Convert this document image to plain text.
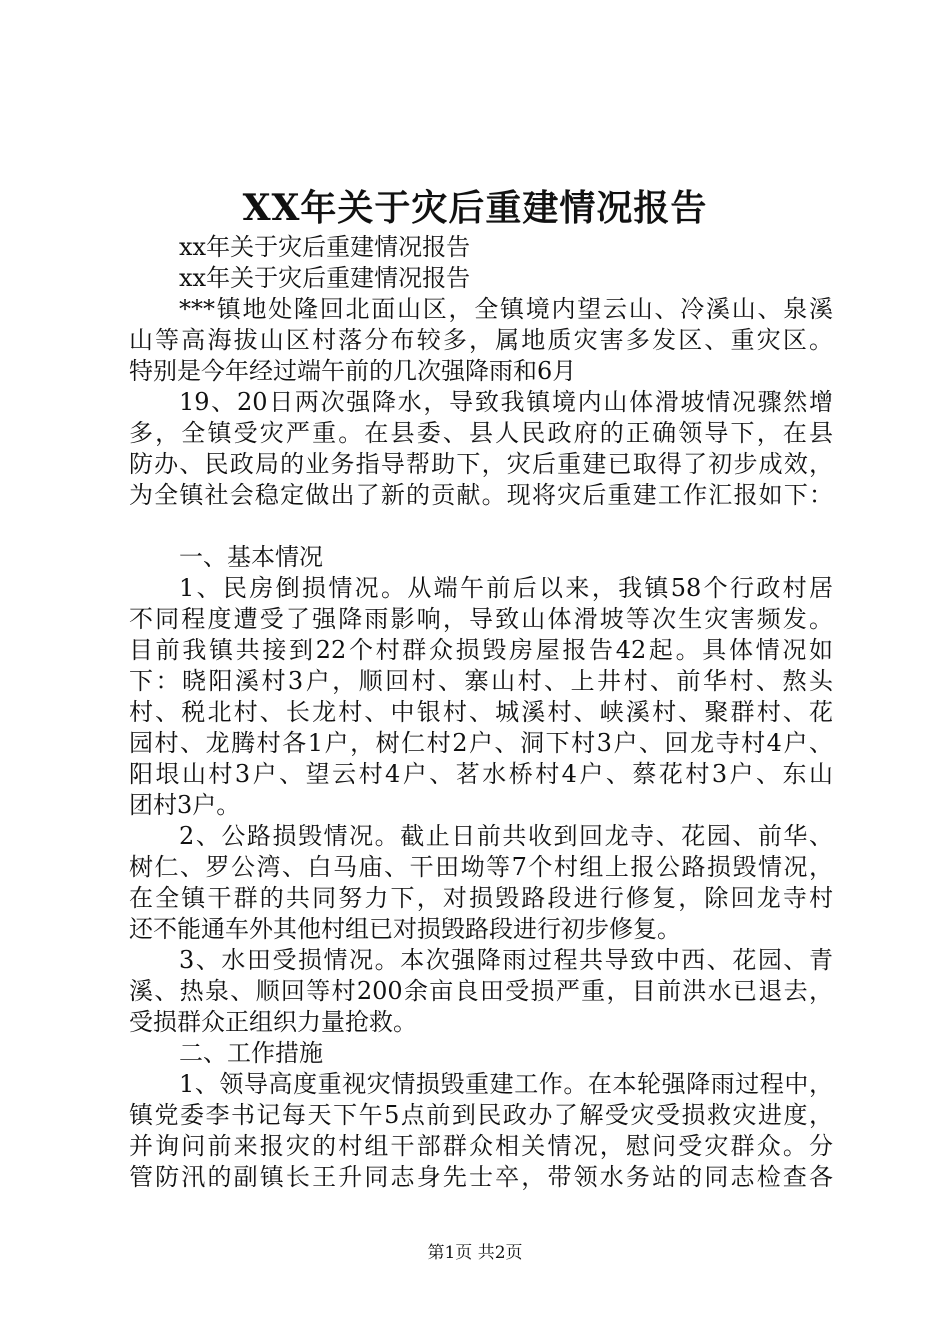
XX年关于灾后重建情况报告
xx年关于灾后重建情况报告
xx年关于灾后重建情况报告
***镇地处隆回北面山区，全镇境内望云山、冷溪山、泉溪
山等高海拔山区村落分布较多，属地质灾害多发区、重灾区。
特别是今年经过端午前的几次强降雨和6月
19、20日两次强降水，导致我镇境内山体滑坡情况骤然增
多，全镇受灾严重。在县委、县人民政府的正确领导下，在县
防办、民政局的业务指导帮助下，灾后重建已取得了初步成效，
为全镇社会稳定做出了新的贡献。现将灾后重建工作汇报如下：
一、基本情况
1、民房倒损情况。从端午前后以来，我镇58个行政村居
不同程度遭受了强降雨影响，导致山体滑坡等次生灾害频发。
目前我镇共接到22个村群众损毁房屋报告42起。具体情况如
下：晓阳溪村3户，顺回村、寨山村、上井村、前华村、熬头
村、税北村、长龙村、中银村、城溪村、峡溪村、聚群村、花
园村、龙腾村各1户，树仁村2户、洞下村3户、回龙寺村4户、
阳垠山村3户、望云村4户、茗水桥村4户、蔡花村3户、东山
团村3户。
2、公路损毁情况。截止日前共收到回龙寺、花园、前华、
树仁、罗公湾、白马庙、干田坳等7个村组上报公路损毁情况，
在全镇干群的共同努力下，对损毁路段进行修复，除回龙寺村
还不能通车外其他村组已对损毁路段进行初步修复。
3、水田受损情况。本次强降雨过程共导致中西、花园、青
溪、热泉、顺回等村200余亩良田受损严重，目前洪水已退去，
受损群众正组织力量抢救。
二、工作措施
1、领导高度重视灾情损毁重建工作。在本轮强降雨过程中，
镇党委李书记每天下午5点前到民政办了解受灾受损救灾进度，
并询问前来报灾的村组干部群众相关情况，慰问受灾群众。分
管防汛的副镇长王升同志身先士卒，带领水务站的同志检查各
第1页 共2页
